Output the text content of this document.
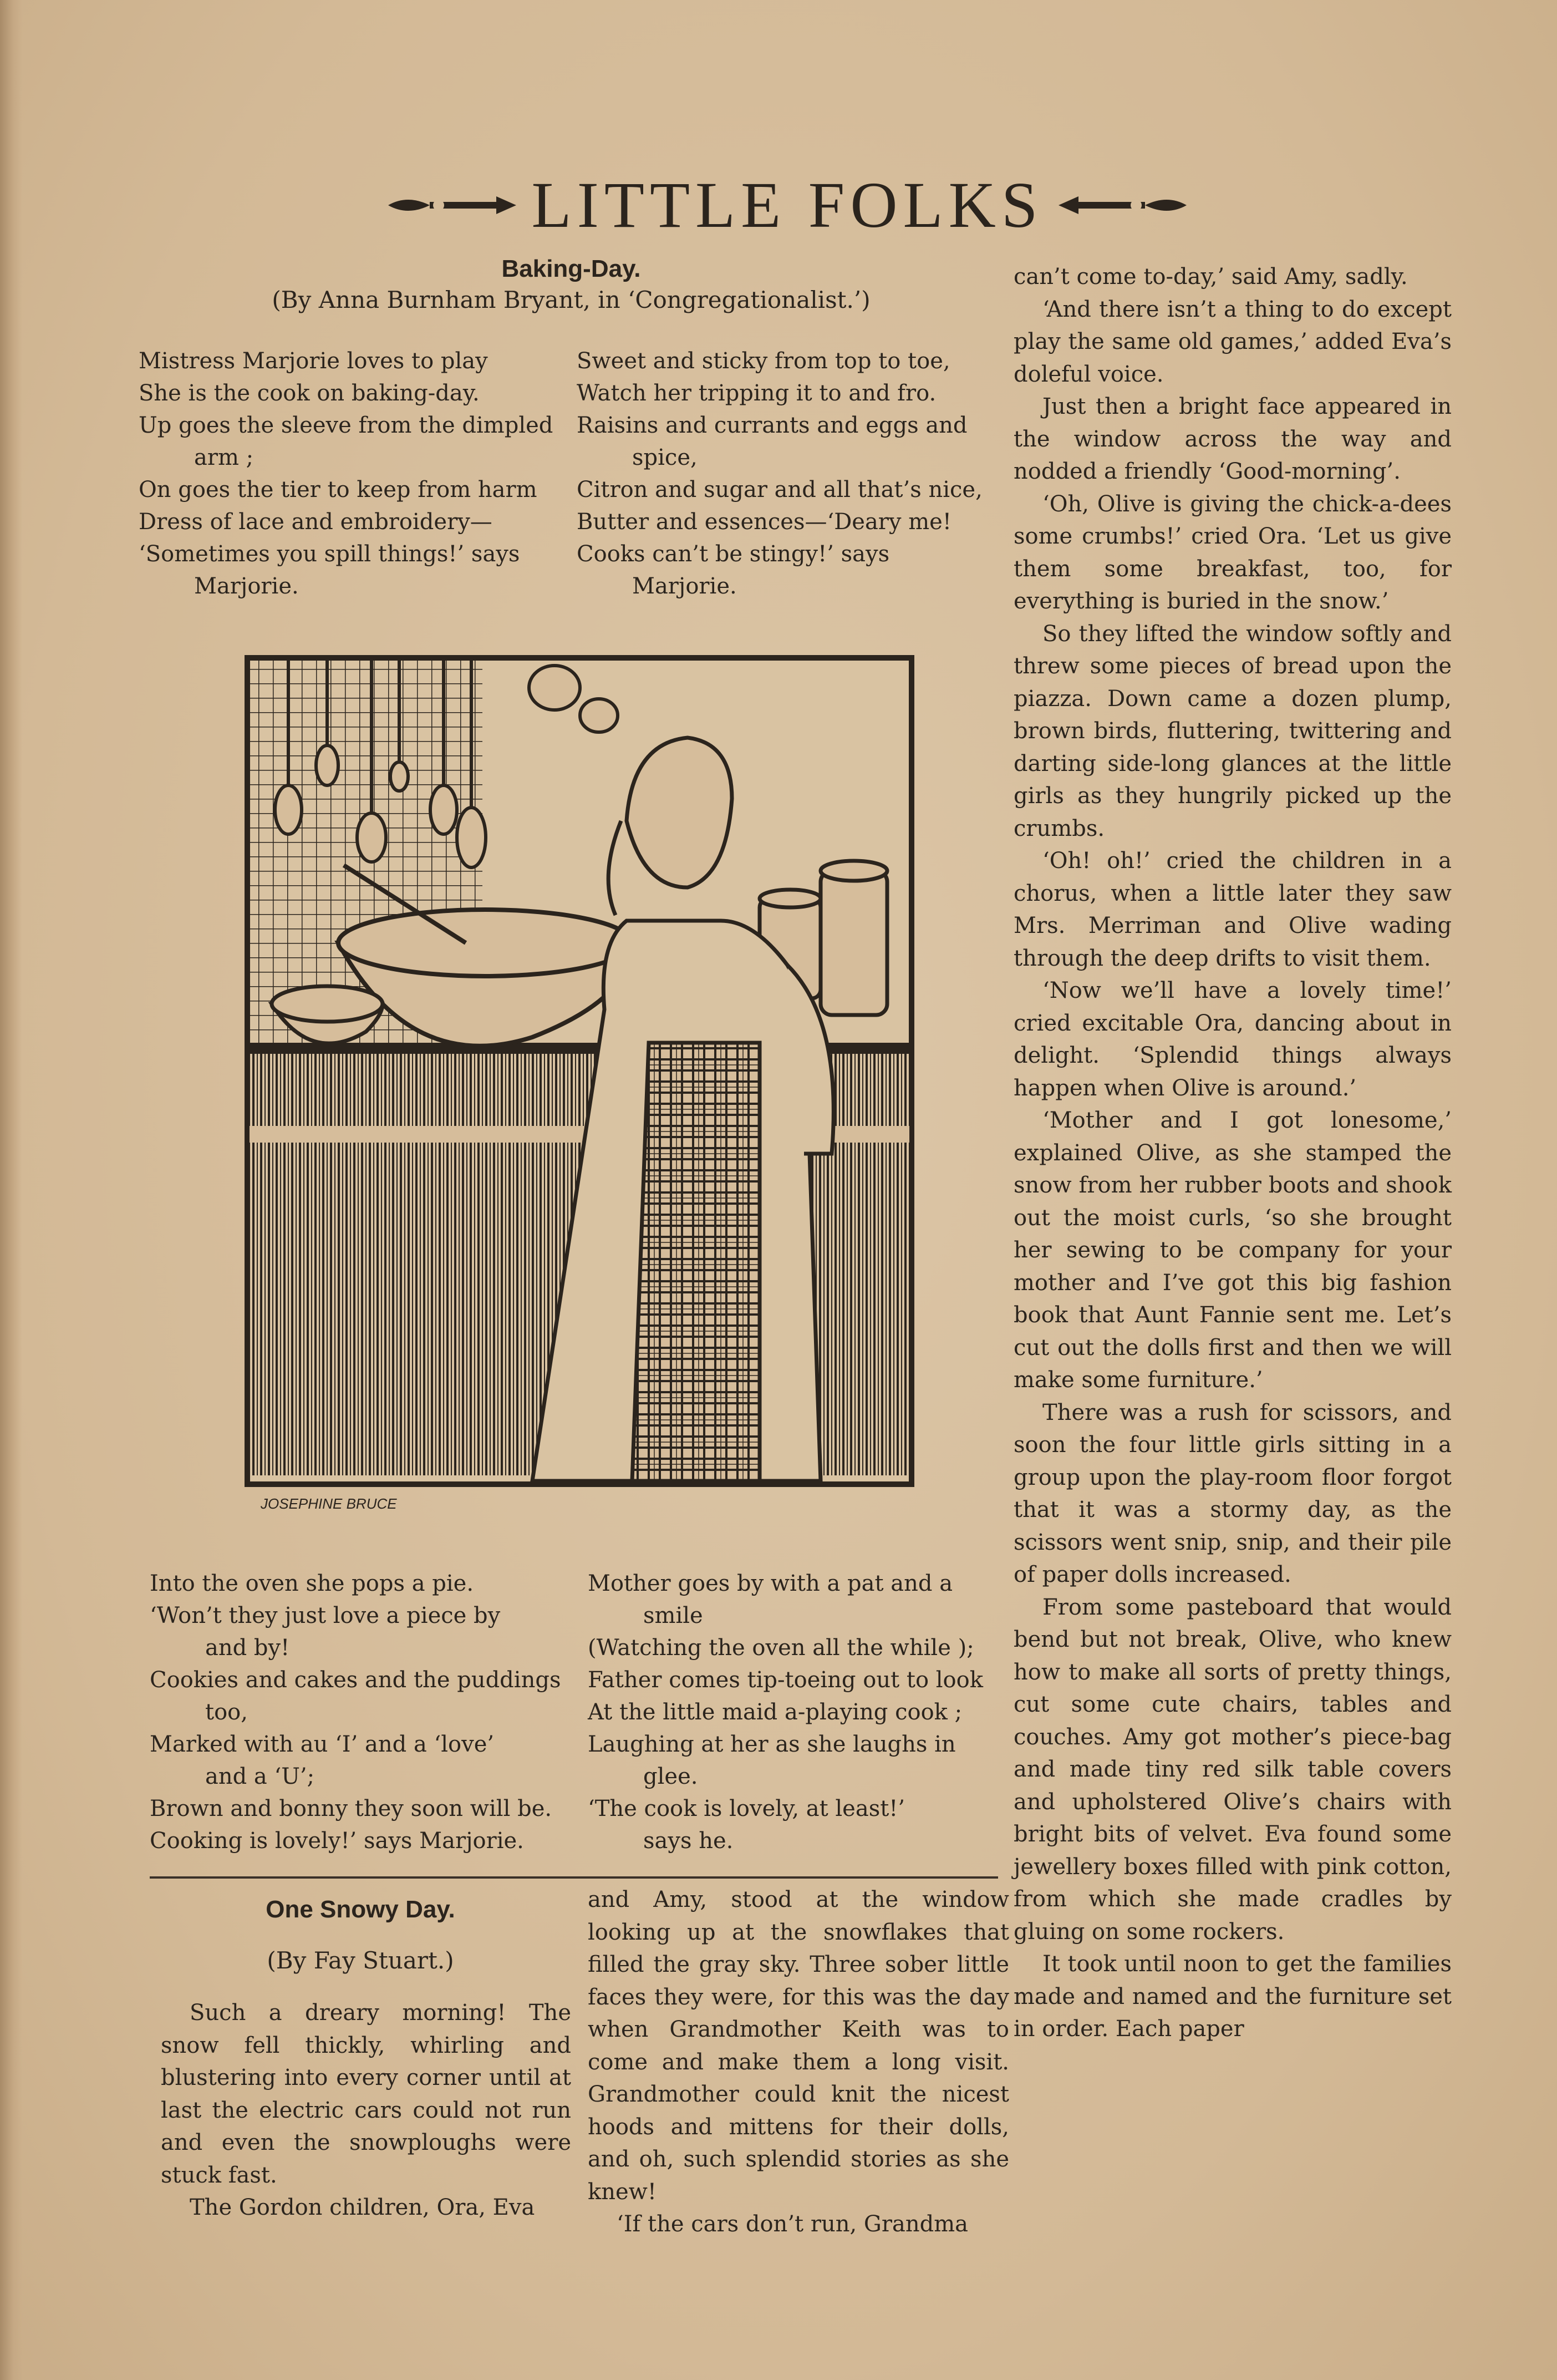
LITTLE FOLKS

Baking-Day.

(By Anna Burnham Bryant, in ‘Congregationalist.’)

Mistress Marjorie loves to play

She is the cook on baking-day.

Up goes the sleeve from the dimpled

arm ;

On goes the tier to keep from harm

Dress of lace and embroidery—

‘Sometimes you spill things!’ says

Marjorie.

Sweet and sticky from top to toe,

Watch her tripping it to and fro.

Raisins and currants and eggs and

spice,

Citron and sugar and all that’s nice,

Butter and essences—‘Deary me!

Cooks can’t be stingy!’ says

Marjorie.

JOSEPHINE BRUCE

Into the oven she pops a pie.

‘Won’t they just love a piece by

and by!

Cookies and cakes and the puddings

too,

Marked with au ‘I’ and a ‘love’

and a ‘U’;

Brown and bonny they soon will be.

Cooking is lovely!’ says Marjorie.

Mother goes by with a pat and a

smile

(Watching the oven all the while );

Father comes tip-toeing out to look

At the little maid a-playing cook ;

Laughing at her as she laughs in

glee.

‘The cook is lovely, at least!’

says he.

One Snowy Day.
(By Fay Stuart.)

Such a dreary morning! The snow fell thickly, whirling and blustering into every corner until at last the electric cars could not run and even the snowploughs were stuck fast.

The Gordon children, Ora, Eva

and Amy, stood at the window looking up at the snowflakes that filled the gray sky. Three sober little faces they were, for this was the day when Grandmother Keith was to come and make them a long visit. Grandmother could knit the nicest hoods and mittens for their dolls, and oh, such splendid stories as she knew!

‘If the cars don’t run, Grandma

can’t come to-day,’ said Amy, sadly.

‘And there isn’t a thing to do except play the same old games,’ added Eva’s doleful voice.

Just then a bright face appeared in the window across the way and nodded a friendly ‘Good-morning’.

‘Oh, Olive is giving the chick-a-dees some crumbs!’ cried Ora. ‘Let us give them some breakfast, too, for everything is buried in the snow.’

So they lifted the window softly and threw some pieces of bread upon the piazza. Down came a dozen plump, brown birds, fluttering, twittering and darting side-long glances at the little girls as they hungrily picked up the crumbs.

‘Oh! oh!’ cried the children in a chorus, when a little later they saw Mrs. Merriman and Olive wading through the deep drifts to visit them.

‘Now we’ll have a lovely time!’ cried excitable Ora, dancing about in delight. ‘Splendid things always happen when Olive is around.’

‘Mother and I got lonesome,’ explained Olive, as she stamped the snow from her rubber boots and shook out the moist curls, ‘so she brought her sewing to be company for your mother and I’ve got this big fashion book that Aunt Fannie sent me. Let’s cut out the dolls first and then we will make some furniture.’

There was a rush for scissors, and soon the four little girls sitting in a group upon the play-room floor forgot that it was a stormy day, as the scissors went snip, snip, and their pile of paper dolls increased.

From some pasteboard that would bend but not break, Olive, who knew how to make all sorts of pretty things, cut some cute chairs, tables and couches. Amy got mother’s piece-bag and made tiny red silk table covers and upholstered Olive’s chairs with bright bits of velvet. Eva found some jewellery boxes filled with pink cotton, from which she made cradles by gluing on some rockers.

It took until noon to get the families made and named and the furniture set in order. Each paper
